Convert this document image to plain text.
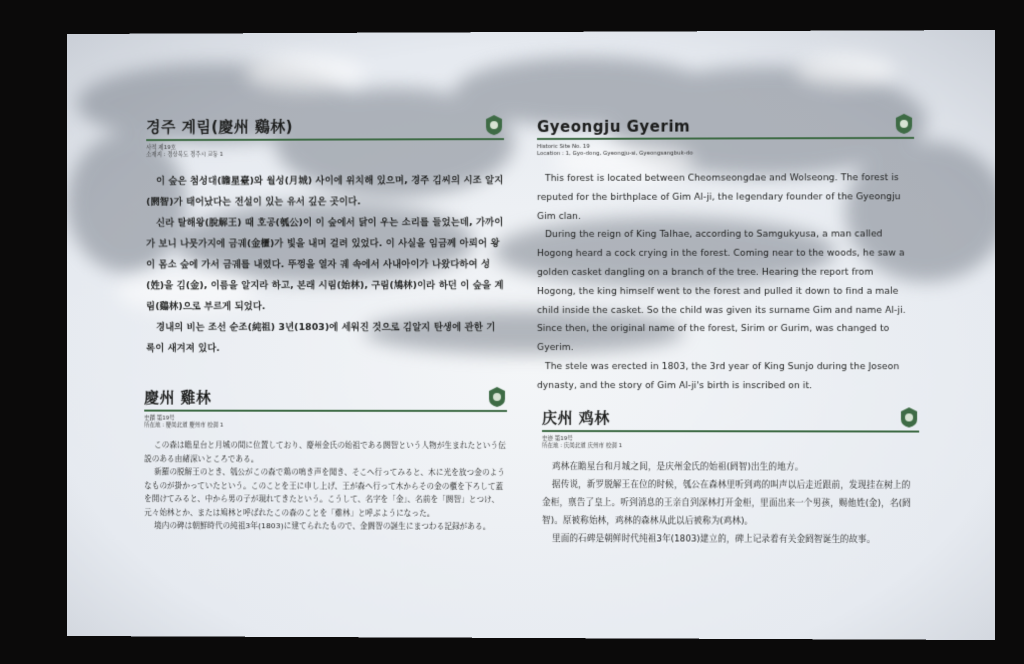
경주 계림(慶州 鷄林)
사적 제19호
소재지 : 경상북도 경주시 교동 1

이 숲은 첨성대(瞻星臺)와 월성(月城) 사이에 위치해 있으며, 경주 김씨의 시조 알지(閼智)가 태어났다는 전설이 있는 유서 깊은 곳이다.

신라 탈해왕(脫解王) 때 호공(瓠公)이 이 숲에서 닭이 우는 소리를 들었는데, 가까이 가 보니 나뭇가지에 금궤(金櫃)가 빛을 내며 걸려 있었다. 이 사실을 임금께 아뢰어 왕이 몸소 숲에 가서 금궤를 내렸다. 뚜껑을 열자 궤 속에서 사내아이가 나왔다하여 성(姓)을 김(金), 이름을 알지라 하고, 본래 시림(始林), 구림(鳩林)이라 하던 이 숲을 계림(鷄林)으로 부르게 되었다.

경내의 비는 조선 순조(純祖) 3년(1803)에 세워진 것으로 김알지 탄생에 관한 기록이 새겨져 있다.

Gyeongju Gyerim
Historic Site No. 19
Location : 1, Gyo-dong, Gyeongju-si, Gyeongsangbuk-do

This forest is located between Cheomseongdae and Wolseong. The forest is reputed for the birthplace of Gim Al-ji, the legendary founder of the Gyeongju Gim clan.

During the reign of King Talhae, according to Samgukyusa, a man called Hogong heard a cock crying in the forest. Coming near to the woods, he saw a golden casket dangling on a branch of the tree. Hearing the report from Hogong, the king himself went to the forest and pulled it down to find a male child inside the casket. So the child was given its surname Gim and name Al-ji. Since then, the original name of the forest, Sirim or Gurim, was changed to Gyerim.

The stele was erected in 1803, the 3rd year of King Sunjo during the Joseon dynasty, and the story of Gim Al-ji's birth is inscribed on it.

慶州 雞林
史蹟 第19号
所在地 : 慶尚北道 慶州市 校洞 1

この森は瞻星台と月城の間に位置しており、慶州金氏の始祖である閼智という人物が生まれたという伝説のある由緒深いところである。

新羅の脱解王のとき、瓠公がこの森で鶏の鳴き声を聞き、そこへ行ってみると、木に光を放つ金のようなものが掛かっていたという。このことを王に申し上げ、王が森へ行って木からその金の櫃を下ろして蓋を開けてみると、中から男の子が現れてきたという。こうして、名字を「金」、名前を「閼智」とつけ、元々始林とか、または鳩林と呼ばれたこの森のことを「雞林」と呼ぶようになった。

境内の碑は朝鮮時代の純祖3年(1803)に建てられたもので、金閼智の誕生にまつわる記録がある。

庆州 鸡林
史迹 第19号
所在地 : 庆尚北道 庆州市 校洞 1

鸡林在瞻星台和月城之间，是庆州金氏的始祖(阏智)出生的地方。

据传说，新罗脱解王在位的时候，瓠公在森林里听到鸡的叫声以后走近跟前，发现挂在树上的金柜，禀告了皇上。听到消息的王亲自到深林打开金柜，里面出来一个男孩，赐他姓(金)，名(阏智)。原被称始林，鸡林的森林从此以后被称为(鸡林)。

里面的石碑是朝鲜时代纯祖3年(1803)建立的，碑上记录着有关金阏智诞生的故事。
